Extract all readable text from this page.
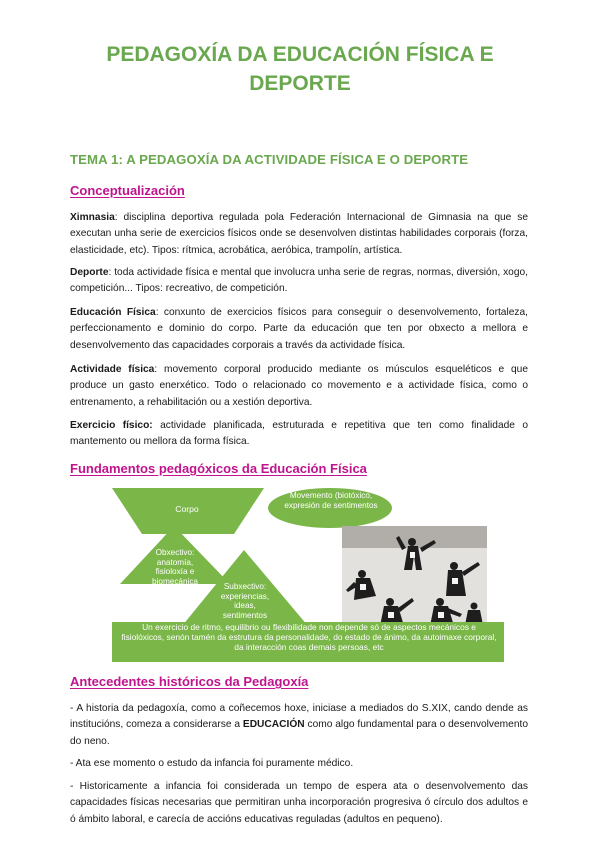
PEDAGOXÍA DA EDUCACIÓN FÍSICA E DEPORTE
TEMA 1: A PEDAGOXÍA DA ACTIVIDADE FÍSICA E O DEPORTE
Conceptualización

Ximnasia: disciplina deportiva regulada pola Federación Internacional de Gimnasia na que se executan unha serie de exercicios físicos onde se desenvolven distintas habilidades corporais (forza, elasticidade, etc). Tipos: rítmica, acrobática, aeróbica, trampolín, artística.

Deporte: toda actividade física e mental que involucra unha serie de regras, normas, diversión, xogo, competición... Tipos: recreativo, de competición.

Educación Física: conxunto de exercicios físicos para conseguir o desenvolvemento, fortaleza, perfeccionamento e dominio do corpo. Parte da educación que ten por obxecto a mellora e desenvolvemento das capacidades corporais a través da actividade física.

Actividade física: movemento corporal producido mediante os músculos esqueléticos e que produce un gasto enerxético. Todo o relacionado co movemento e a actividade física, como o entrenamento, a rehabilitación ou a xestión deportiva.

Exercicio físico: actividade planificada, estruturada e repetitiva que ten como finalidade o mantemento ou mellora da forma física.

Fundamentos pedagóxicos da Educación Física
Corpo
Movemento (biotóxico, expresión de sentimentos
Obxectivo: anatomía, fisioloxía e biomecánica
Subxectivo: experiencias, ideas, sentimentos
Un exercicio de ritmo, equilibrio ou flexibilidade non depende só de aspectos mecánicos e fisiolóxicos, senón tamén da estrutura da personalidade, do estado de ánimo, da autoimaxe corporal, da interacción coas demais persoas, etc
Antecedentes históricos da Pedagoxía

- A historia da pedagoxía, como a coñecemos hoxe, iniciase a mediados do S.XIX, cando dende as institucións, comeza a considerarse a EDUCACIÓN como algo fundamental para o desenvolvemento do neno.

- Ata ese momento o estudo da infancia foi puramente médico.

- Historicamente a infancia foi considerada un tempo de espera ata o desenvolvemento das capacidades físicas necesarias que permitiran unha incorporación progresiva ó círculo dos adultos e ó ámbito laboral, e carecía de accións educativas reguladas (adultos en pequeno).
